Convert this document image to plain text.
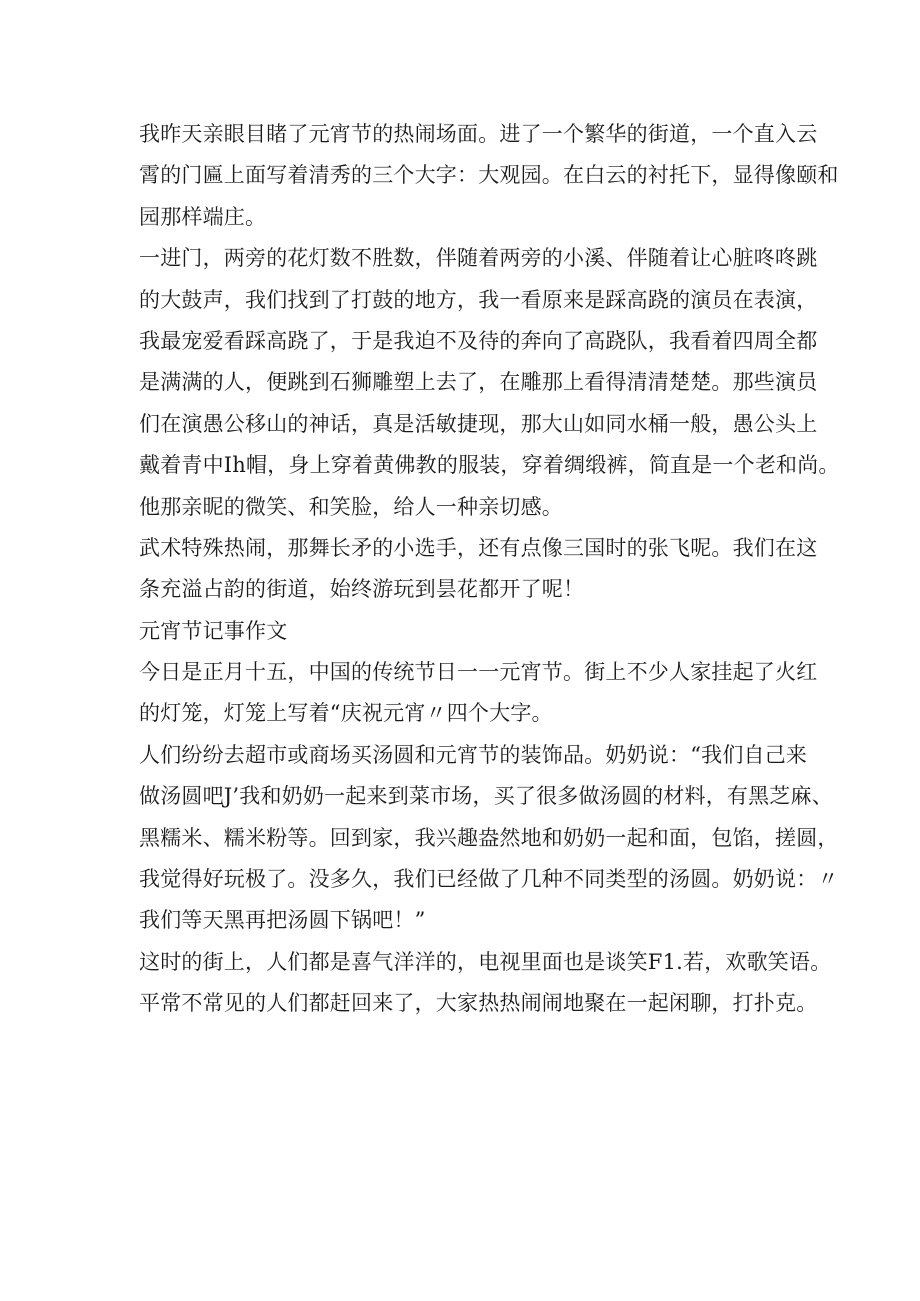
我昨天亲眼目睹了元宵节的热闹场面。进了一个繁华的街道，一个直入云
霄的门匾上面写着清秀的三个大字：大观园。在白云的衬托下，显得像颐和
园那样端庄。
一进门，两旁的花灯数不胜数，伴随着两旁的小溪、伴随着让心脏咚咚跳
的大鼓声，我们找到了打鼓的地方，我一看原来是踩高跷的演员在表演，
我最宠爱看踩高跷了，于是我迫不及待的奔向了高跷队，我看着四周全都
是满满的人，便跳到石狮雕塑上去了，在雕那上看得清清楚楚。那些演员
们在演愚公移山的神话，真是活敏捷现，那大山如同水桶一般，愚公头上
戴着青中Ih帽，身上穿着黄佛教的服装，穿着绸缎裤，简直是一个老和尚。
他那亲昵的微笑、和笑脸，给人一种亲切感。
武术特殊热闹，那舞长矛的小选手，还有点像三国时的张飞呢。我们在这
条充溢占韵的街道，始终游玩到昙花都开了呢！
元宵节记事作文
今日是正月十五，中国的传统节日一一元宵节。街上不少人家挂起了火红
的灯笼，灯笼上写着“庆祝元宵〃四个大字。
人们纷纷去超市或商场买汤圆和元宵节的装饰品。奶奶说：“我们自己来
做汤圆吧J’我和奶奶一起来到菜市场，买了很多做汤圆的材料，有黑芝麻、
黑糯米、糯米粉等。回到家，我兴趣盎然地和奶奶一起和面，包馅，搓圆，
我觉得好玩极了。没多久，我们已经做了几种不同类型的汤圆。奶奶说：〃
我们等天黑再把汤圆下锅吧！”
这时的街上，人们都是喜气洋洋的，电视里面也是谈笑F1.若，欢歌笑语。
平常不常见的人们都赶回来了，大家热热闹闹地聚在一起闲聊，打扑克。
